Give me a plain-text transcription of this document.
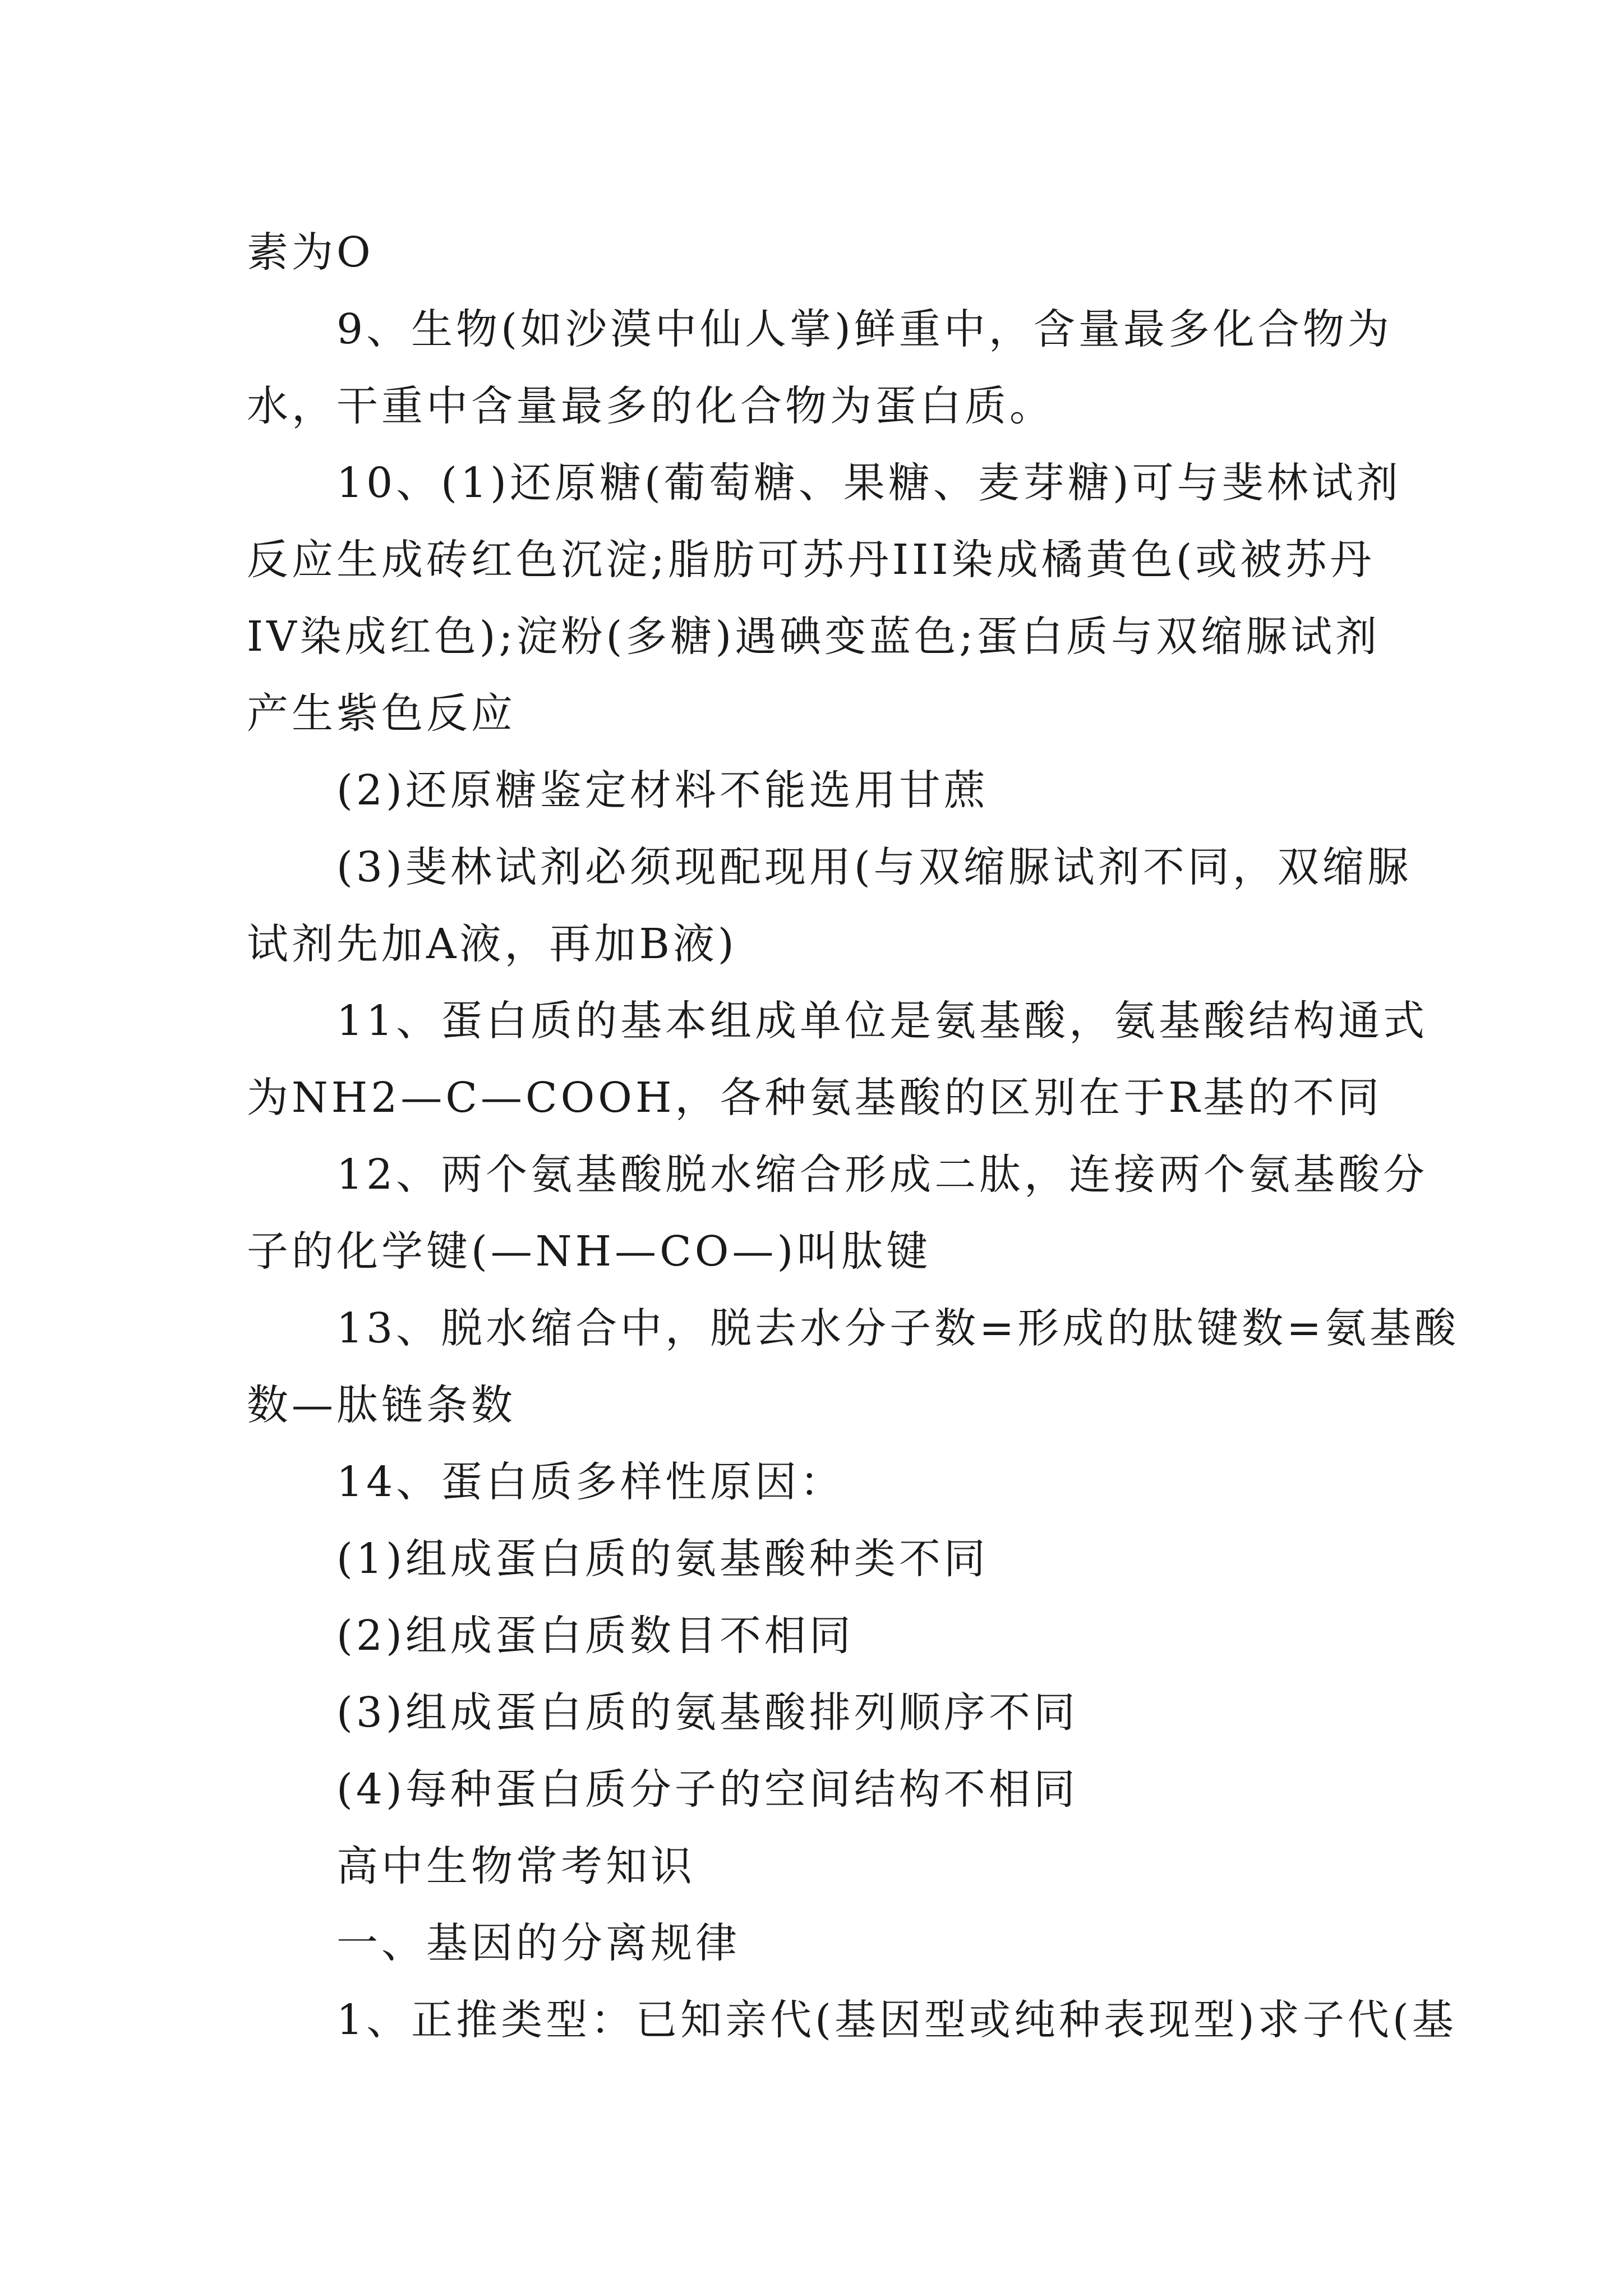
素为O
9、生物(如沙漠中仙人掌)鲜重中，含量最多化合物为
水，干重中含量最多的化合物为蛋白质。
10、(1)还原糖(葡萄糖、果糖、麦芽糖)可与斐林试剂
反应生成砖红色沉淀;脂肪可苏丹III染成橘黄色(或被苏丹
IV染成红色);淀粉(多糖)遇碘变蓝色;蛋白质与双缩脲试剂
产生紫色反应
(2)还原糖鉴定材料不能选用甘蔗
(3)斐林试剂必须现配现用(与双缩脲试剂不同，双缩脲
试剂先加A液，再加B液)
11、蛋白质的基本组成单位是氨基酸，氨基酸结构通式
为NH2—C—COOH，各种氨基酸的区别在于R基的不同
12、两个氨基酸脱水缩合形成二肽，连接两个氨基酸分
子的化学键(—NH—CO—)叫肽键
13、脱水缩合中，脱去水分子数=形成的肽键数=氨基酸
数—肽链条数
14、蛋白质多样性原因：
(1)组成蛋白质的氨基酸种类不同
(2)组成蛋白质数目不相同
(3)组成蛋白质的氨基酸排列顺序不同
(4)每种蛋白质分子的空间结构不相同
高中生物常考知识
一、基因的分离规律
1、正推类型：已知亲代(基因型或纯种表现型)求子代(基
